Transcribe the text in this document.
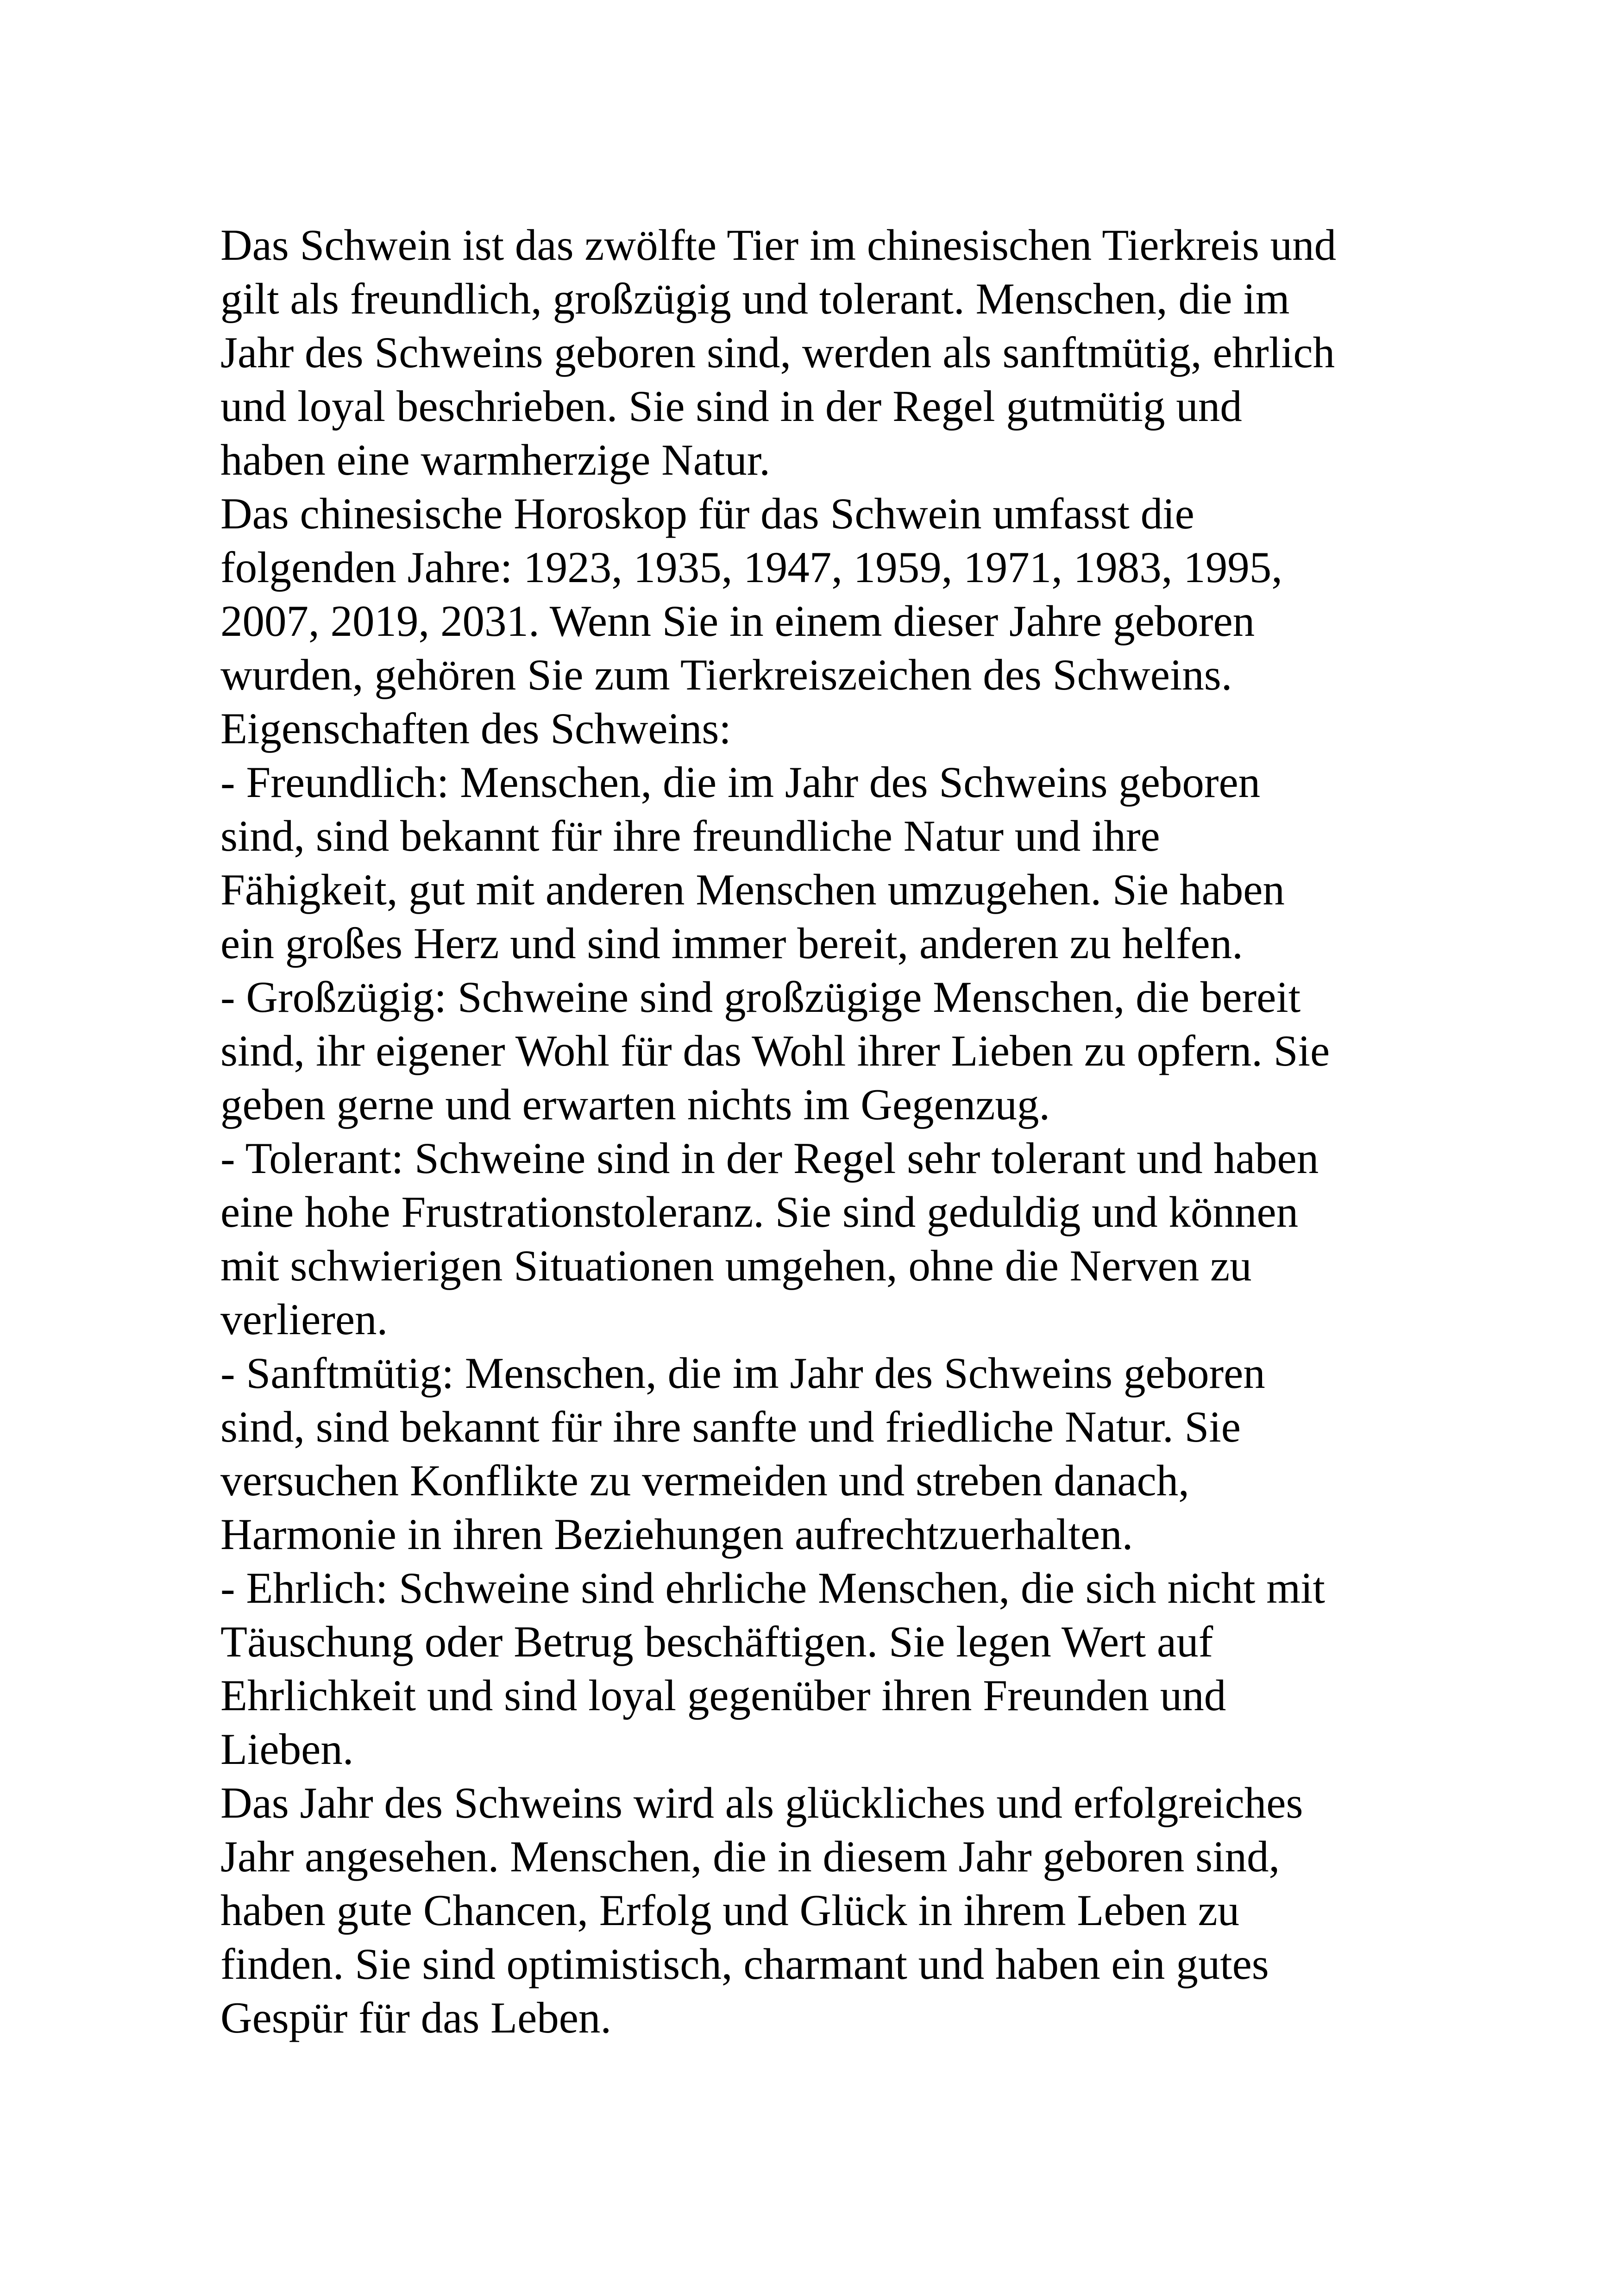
Das Schwein ist das zwölfte Tier im chinesischen Tierkreis und
gilt als freundlich, großzügig und tolerant. Menschen, die im
Jahr des Schweins geboren sind, werden als sanftmütig, ehrlich
und loyal beschrieben. Sie sind in der Regel gutmütig und
haben eine warmherzige Natur.
Das chinesische Horoskop für das Schwein umfasst die
folgenden Jahre: 1923, 1935, 1947, 1959, 1971, 1983, 1995,
2007, 2019, 2031. Wenn Sie in einem dieser Jahre geboren
wurden, gehören Sie zum Tierkreiszeichen des Schweins.
Eigenschaften des Schweins:
- Freundlich: Menschen, die im Jahr des Schweins geboren
sind, sind bekannt für ihre freundliche Natur und ihre
Fähigkeit, gut mit anderen Menschen umzugehen. Sie haben
ein großes Herz und sind immer bereit, anderen zu helfen.
- Großzügig: Schweine sind großzügige Menschen, die bereit
sind, ihr eigener Wohl für das Wohl ihrer Lieben zu opfern. Sie
geben gerne und erwarten nichts im Gegenzug.
- Tolerant: Schweine sind in der Regel sehr tolerant und haben
eine hohe Frustrationstoleranz. Sie sind geduldig und können
mit schwierigen Situationen umgehen, ohne die Nerven zu
verlieren.
- Sanftmütig: Menschen, die im Jahr des Schweins geboren
sind, sind bekannt für ihre sanfte und friedliche Natur. Sie
versuchen Konflikte zu vermeiden und streben danach,
Harmonie in ihren Beziehungen aufrechtzuerhalten.
- Ehrlich: Schweine sind ehrliche Menschen, die sich nicht mit
Täuschung oder Betrug beschäftigen. Sie legen Wert auf
Ehrlichkeit und sind loyal gegenüber ihren Freunden und
Lieben.
Das Jahr des Schweins wird als glückliches und erfolgreiches
Jahr angesehen. Menschen, die in diesem Jahr geboren sind,
haben gute Chancen, Erfolg und Glück in ihrem Leben zu
finden. Sie sind optimistisch, charmant und haben ein gutes
Gespür für das Leben.
